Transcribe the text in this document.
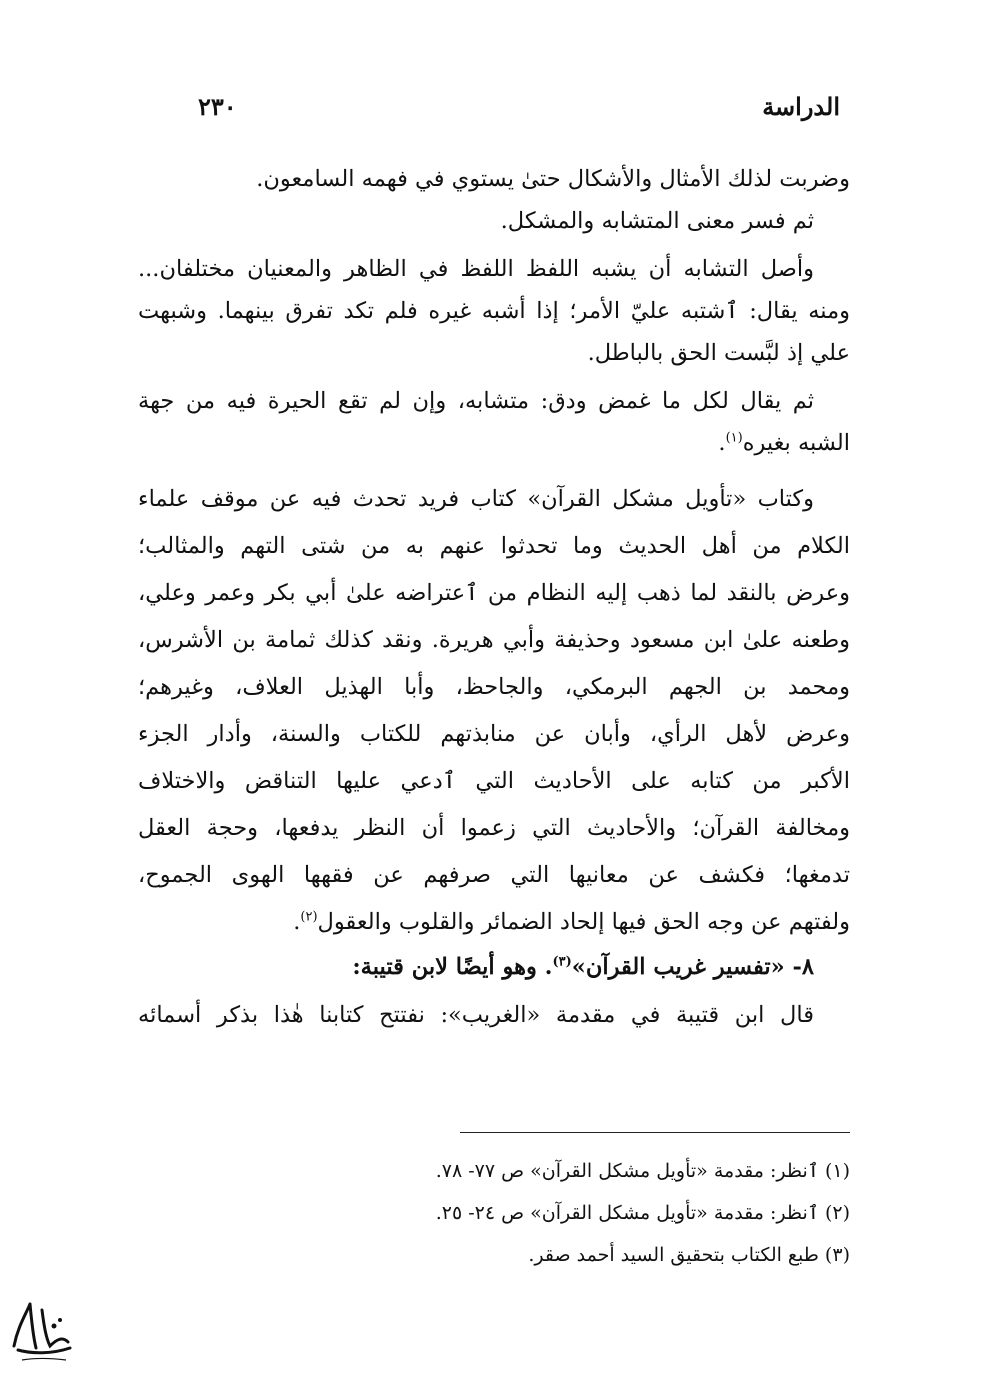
٢٣٠	الدراسة
وضربت لذلك الأمثال والأشكال حتىٰ يستوي في فهمه السامعون.
ثم فسر معنى المتشابه والمشكل.
وأصل التشابه أن يشبه اللفظ اللفظ في الظاهر والمعنيان مختلفان...
ومنه يقال: ٱشتبه عليّ الأمر؛ إذا أشبه غيره فلم تكد تفرق بينهما. وشبهت
علي إذ لبَّست الحق بالباطل.
ثم يقال لكل ما غمض ودق: متشابه، وإن لم تقع الحيرة فيه من جهة
الشبه بغيره$^{(١)}$.
وكتاب «تأويل مشكل القرآن» كتاب فريد تحدث فيه عن موقف علماء
الكلام من أهل الحديث وما تحدثوا عنهم به من شتى التهم والمثالب؛
وعرض بالنقد لما ذهب إليه النظام من ٱعتراضه علىٰ أبي بكر وعمر وعلي،
وطعنه علىٰ ابن مسعود وحذيفة وأبي هريرة. ونقد كذلك ثمامة بن الأشرس،
ومحمد بن الجهم البرمكي، والجاحظ، وأبا الهذيل العلاف، وغيرهم؛
وعرض لأهل الرأي، وأبان عن منابذتهم للكتاب والسنة، وأدار الجزء
الأكبر من كتابه على الأحاديث التي ٱدعي عليها التناقض والاختلاف
ومخالفة القرآن؛ والأحاديث التي زعموا أن النظر يدفعها، وحجة العقل
تدمغها؛ فكشف عن معانيها التي صرفهم عن فقهها الهوى الجموح،
ولفتهم عن وجه الحق فيها إلحاد الضمائر والقلوب والعقول$^{(٢)}$.
٨- «تفسير غريب القرآن»$^{(٣)}$. وهو أيضًا لابن قتيبة:
قال ابن قتيبة في مقدمة «الغريب»: نفتتح كتابنا هٰذا بذكر أسمائه
(١) ٱنظر: مقدمة «تأويل مشكل القرآن» ص ٧٧- ٧٨.
(٢) ٱنظر: مقدمة «تأويل مشكل القرآن» ص ٢٤- ٢٥.
(٣) طبع الكتاب بتحقيق السيد أحمد صقر.
